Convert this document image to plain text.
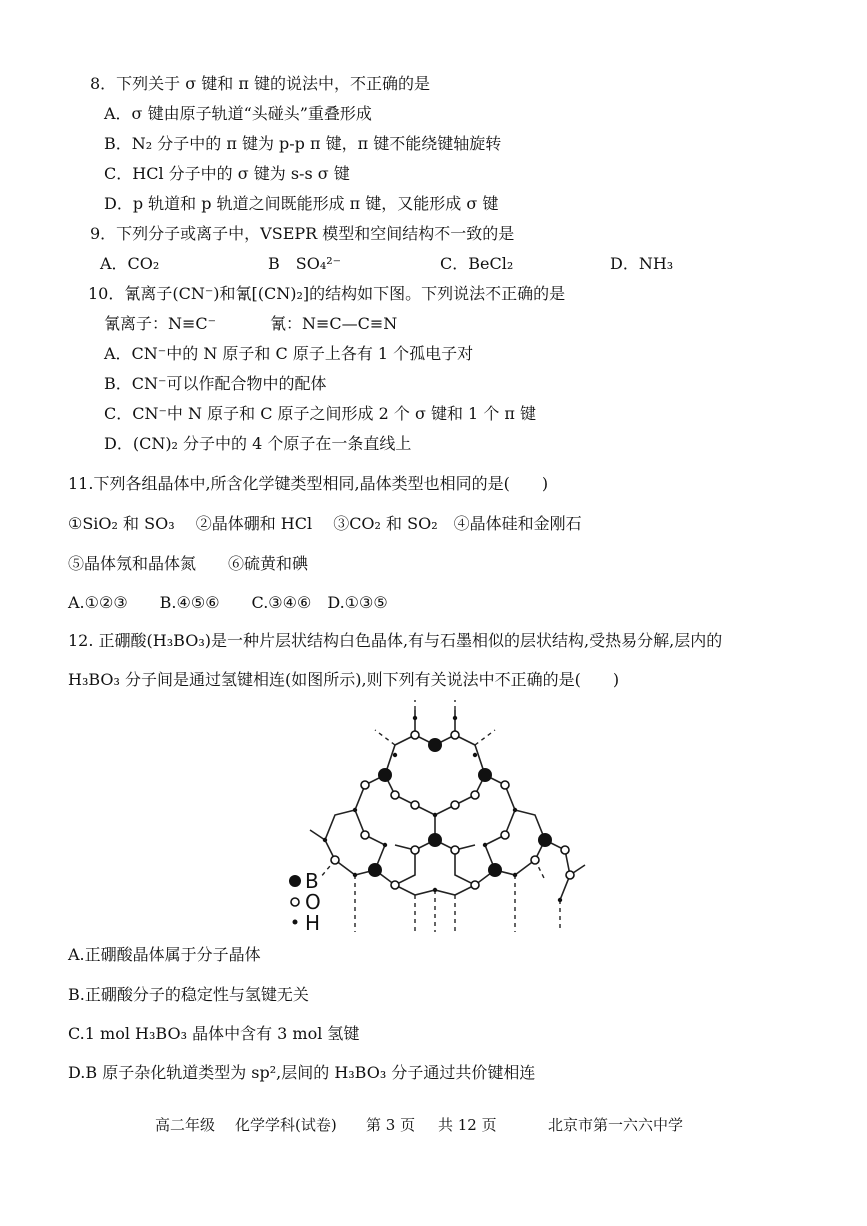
8．下列关于 σ 键和 π 键的说法中，不正确的是
A．σ 键由原子轨道“头碰头”重叠形成
B．N₂ 分子中的 π 键为 p-p π 键，π 键不能绕键轴旋转
C．HCl 分子中的 σ 键为 s-s σ 键
D．p 轨道和 p 轨道之间既能形成 π 键，又能形成 σ 键
9．下列分子或离子中，VSEPR 模型和空间结构不一致的是
A．CO₂	B　SO₄²⁻	C．BeCl₂	D．NH₃
10．氰离子(CN⁻)和氰[(CN)₂]的结构如下图。下列说法不正确的是
氰离子：N≡C⁻	氰：N≡C—C≡N
A．CN⁻中的 N 原子和 C 原子上各有 1 个孤电子对
B．CN⁻可以作配合物中的配体
C．CN⁻中 N 原子和 C 原子之间形成 2 个 σ 键和 1 个 π 键
D．(CN)₂ 分子中的 4 个原子在一条直线上
11.下列各组晶体中,所含化学键类型相同,晶体类型也相同的是(　　)
①SiO₂ 和 SO₃　 ②晶体硼和 HCl　 ③CO₂ 和 SO₂　④晶体硅和金刚石
⑤晶体氖和晶体氮　　⑥硫黄和碘
A.①②③　　B.④⑤⑥　　C.③④⑥　D.①③⑤
12. 正硼酸(H₃BO₃)是一种片层状结构白色晶体,有与石墨相似的层状结构,受热易分解,层内的
H₃BO₃ 分子间是通过氢键相连(如图所示),则下列有关说法中不正确的是(　　)
B
O
H
A.正硼酸晶体属于分子晶体
B.正硼酸分子的稳定性与氢键无关
C.1 mol H₃BO₃ 晶体中含有 3 mol 氢键
D.B 原子杂化轨道类型为 sp²,层间的 H₃BO₃ 分子通过共价键相连
高二年级 化学学科(试卷) 第 3 页 共 12 页	北京市第一六六中学
